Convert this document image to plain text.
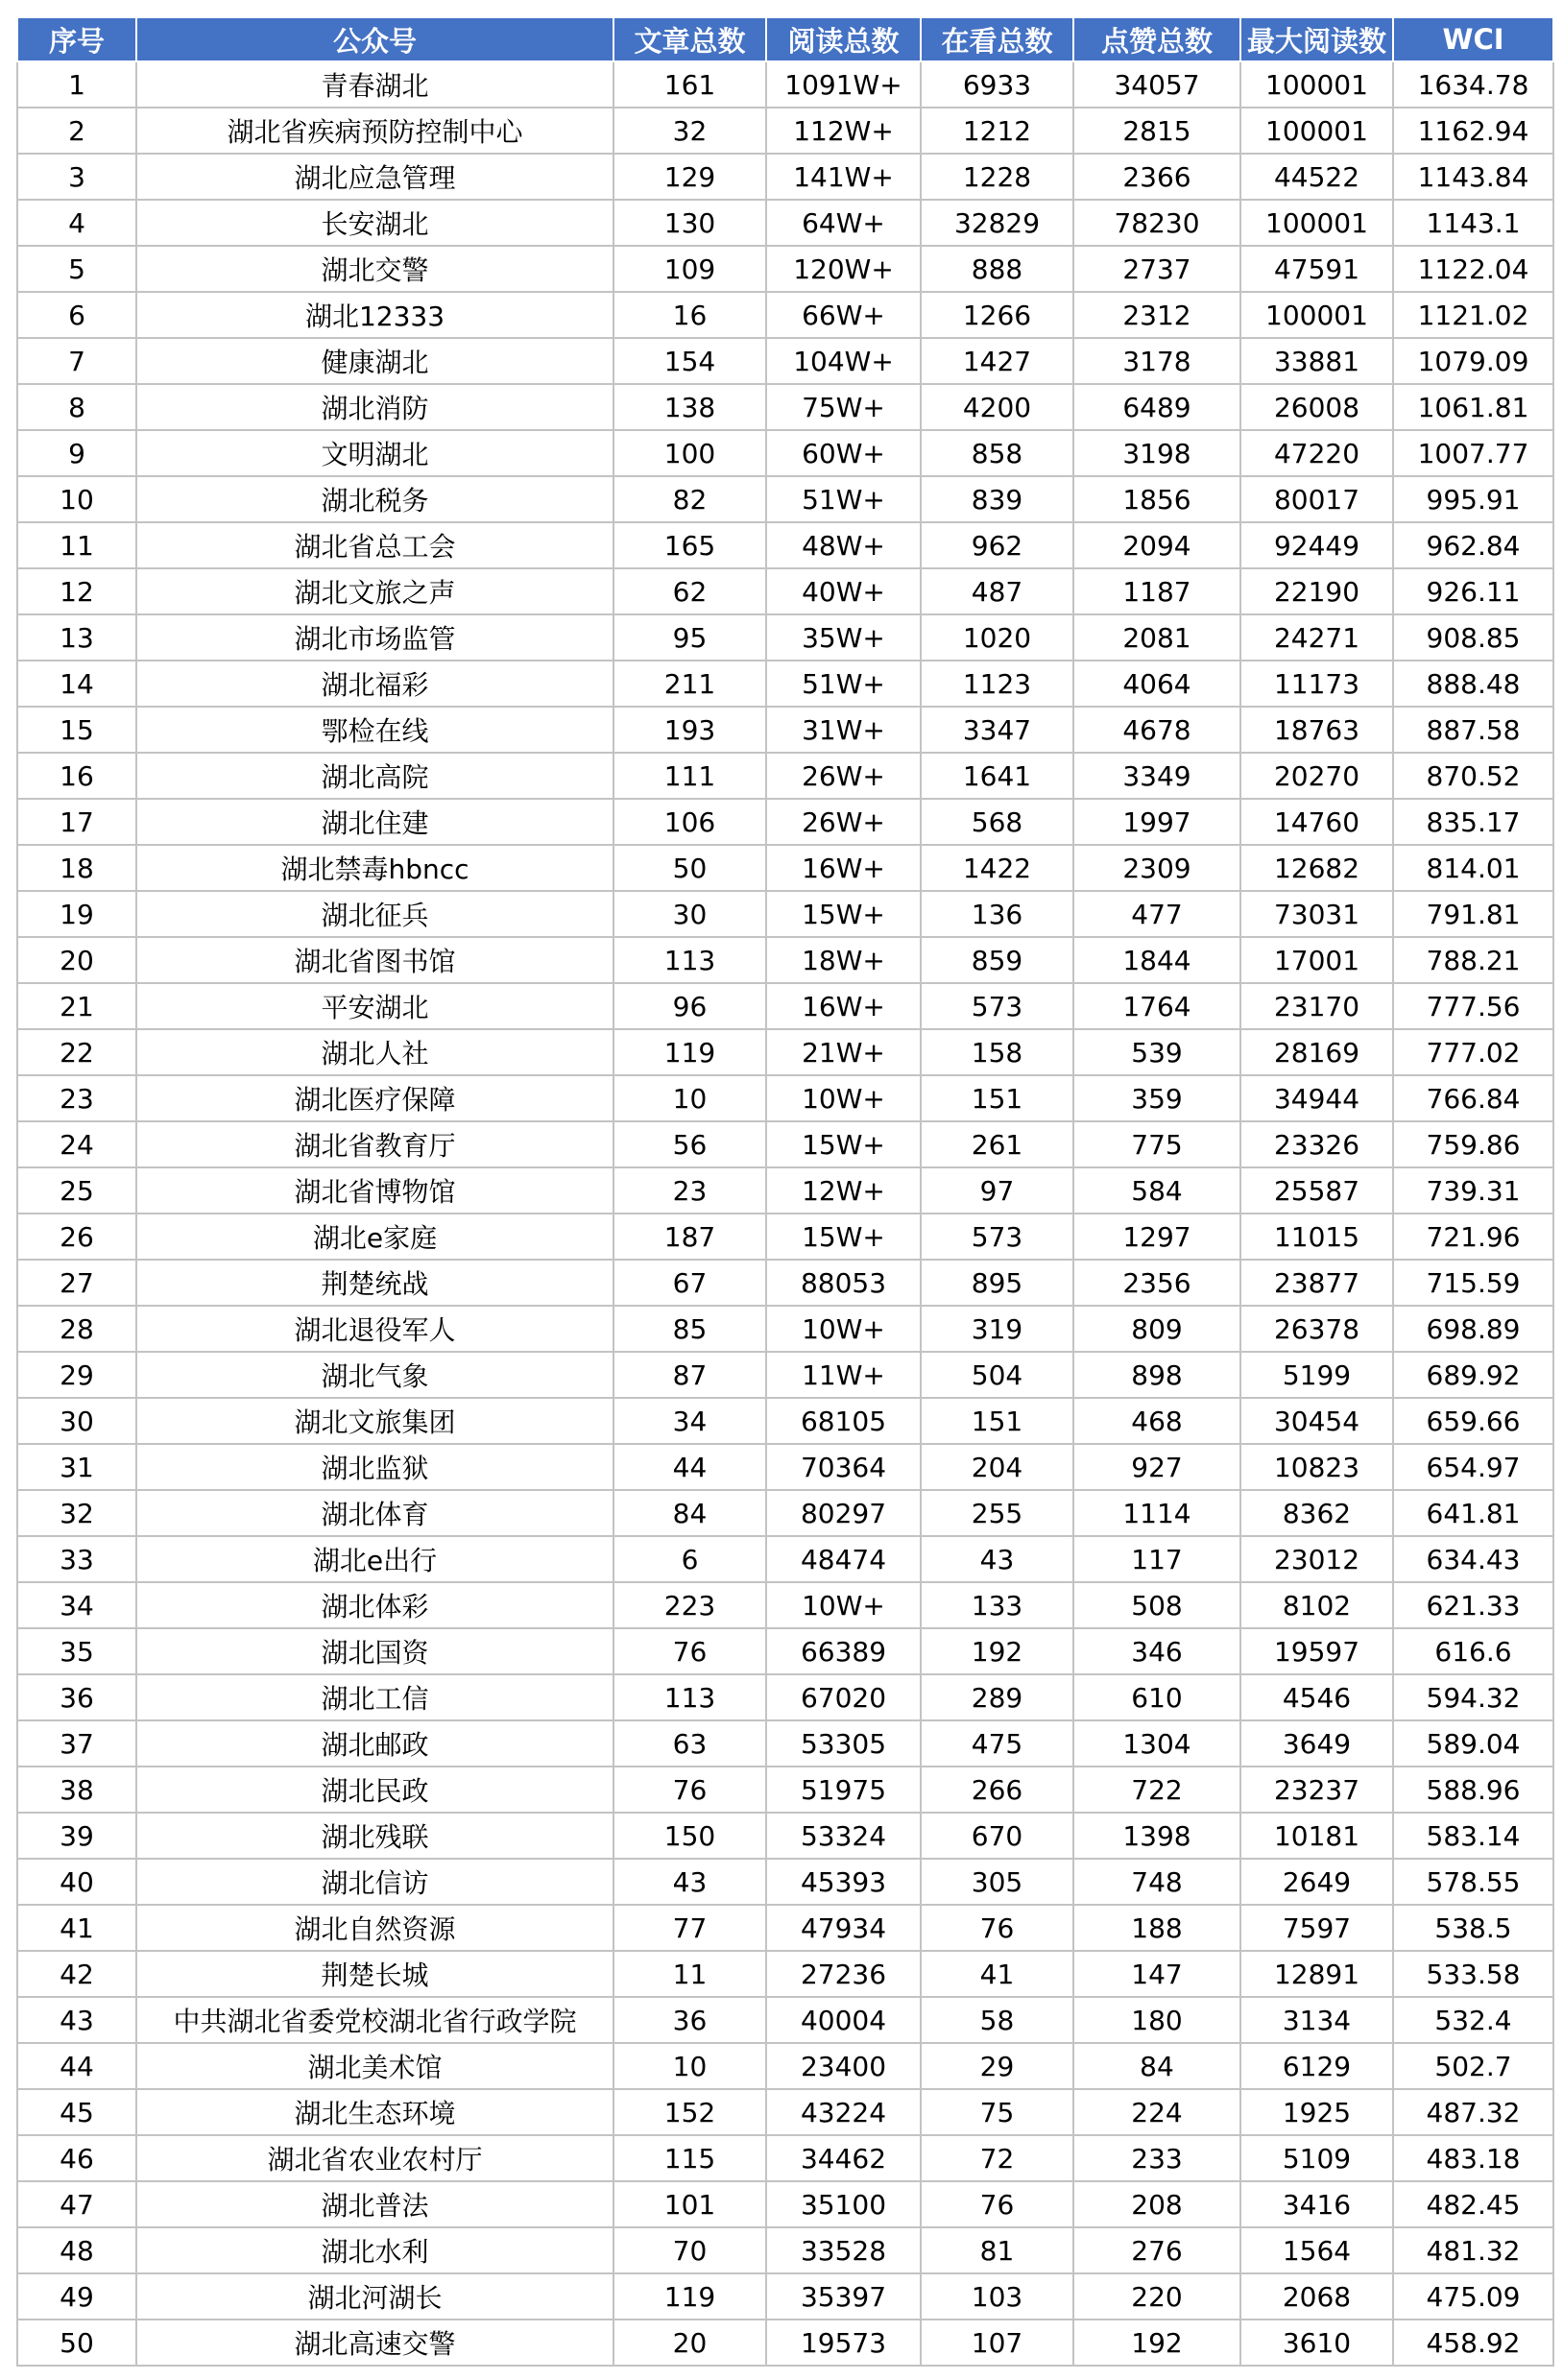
序号	公众号	文章总数	阅读总数	在看总数	点赞总数	最大阅读数	WCI
1	青春湖北	161	1091W+	6933	34057	100001	1634.78
2	湖北省疾病预防控制中心	32	112W+	1212	2815	100001	1162.94
3	湖北应急管理	129	141W+	1228	2366	44522	1143.84
4	长安湖北	130	64W+	32829	78230	100001	1143.1
5	湖北交警	109	120W+	888	2737	47591	1122.04
6	湖北12333	16	66W+	1266	2312	100001	1121.02
7	健康湖北	154	104W+	1427	3178	33881	1079.09
8	湖北消防	138	75W+	4200	6489	26008	1061.81
9	文明湖北	100	60W+	858	3198	47220	1007.77
10	湖北税务	82	51W+	839	1856	80017	995.91
11	湖北省总工会	165	48W+	962	2094	92449	962.84
12	湖北文旅之声	62	40W+	487	1187	22190	926.11
13	湖北市场监管	95	35W+	1020	2081	24271	908.85
14	湖北福彩	211	51W+	1123	4064	11173	888.48
15	鄂检在线	193	31W+	3347	4678	18763	887.58
16	湖北高院	111	26W+	1641	3349	20270	870.52
17	湖北住建	106	26W+	568	1997	14760	835.17
18	湖北禁毒hbncc	50	16W+	1422	2309	12682	814.01
19	湖北征兵	30	15W+	136	477	73031	791.81
20	湖北省图书馆	113	18W+	859	1844	17001	788.21
21	平安湖北	96	16W+	573	1764	23170	777.56
22	湖北人社	119	21W+	158	539	28169	777.02
23	湖北医疗保障	10	10W+	151	359	34944	766.84
24	湖北省教育厅	56	15W+	261	775	23326	759.86
25	湖北省博物馆	23	12W+	97	584	25587	739.31
26	湖北e家庭	187	15W+	573	1297	11015	721.96
27	荆楚统战	67	88053	895	2356	23877	715.59
28	湖北退役军人	85	10W+	319	809	26378	698.89
29	湖北气象	87	11W+	504	898	5199	689.92
30	湖北文旅集团	34	68105	151	468	30454	659.66
31	湖北监狱	44	70364	204	927	10823	654.97
32	湖北体育	84	80297	255	1114	8362	641.81
33	湖北e出行	6	48474	43	117	23012	634.43
34	湖北体彩	223	10W+	133	508	8102	621.33
35	湖北国资	76	66389	192	346	19597	616.6
36	湖北工信	113	67020	289	610	4546	594.32
37	湖北邮政	63	53305	475	1304	3649	589.04
38	湖北民政	76	51975	266	722	23237	588.96
39	湖北残联	150	53324	670	1398	10181	583.14
40	湖北信访	43	45393	305	748	2649	578.55
41	湖北自然资源	77	47934	76	188	7597	538.5
42	荆楚长城	11	27236	41	147	12891	533.58
43	中共湖北省委党校湖北省行政学院	36	40004	58	180	3134	532.4
44	湖北美术馆	10	23400	29	84	6129	502.7
45	湖北生态环境	152	43224	75	224	1925	487.32
46	湖北省农业农村厅	115	34462	72	233	5109	483.18
47	湖北普法	101	35100	76	208	3416	482.45
48	湖北水利	70	33528	81	276	1564	481.32
49	湖北河湖长	119	35397	103	220	2068	475.09
50	湖北高速交警	20	19573	107	192	3610	458.92
